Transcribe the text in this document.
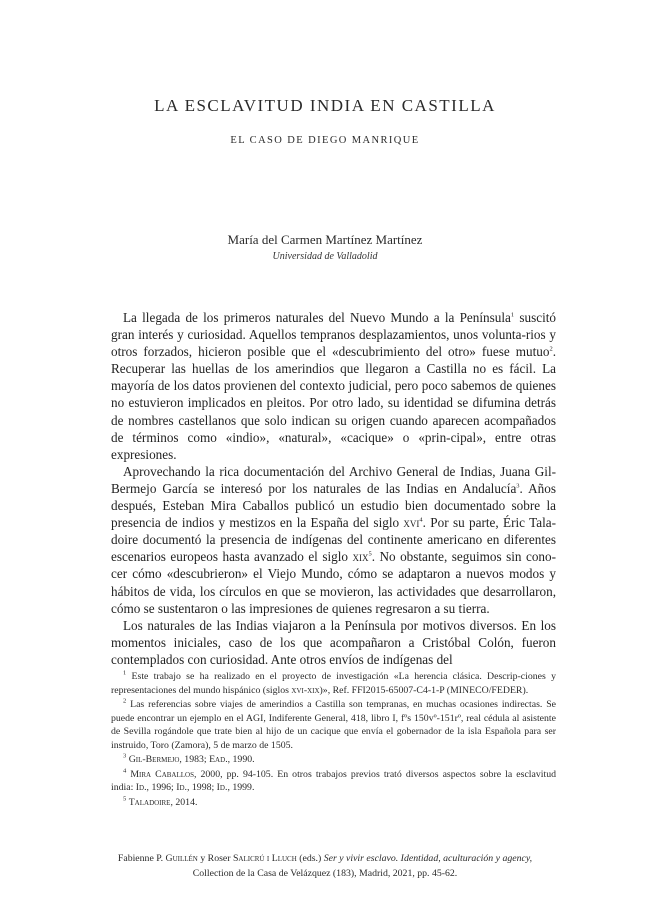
LA ESCLAVITUD INDIA EN CASTILLA
EL CASO DE DIEGO MANRIQUE
María del Carmen Martínez Martínez
Universidad de Valladolid

La llegada de los primeros naturales del Nuevo Mundo a la Península$^1$ suscitó gran interés y curiosidad. Aquellos tempranos desplazamientos, unos volunta-rios y otros forzados, hicieron posible que el «descubrimiento del otro» fuese mutuo$^2$. Recuperar las huellas de los amerindios que llegaron a Castilla no es fácil. La mayoría de los datos provienen del contexto judicial, pero poco sabemos de quienes no estuvieron implicados en pleitos. Por otro lado, su identidad se difumina detrás de nombres castellanos que solo indican su origen cuando aparecen acompañados de términos como «indio», «natural», «cacique» o «prin-cipal», entre otras expresiones.

Aprovechando la rica documentación del Archivo General de Indias, Juana Gil-Bermejo García se interesó por los naturales de las Indias en Andalucía$^3$. Años después, Esteban Mira Caballos publicó un estudio bien documentado sobre la presencia de indios y mestizos en la España del siglo xvi$^4$. Por su parte, Éric Tala-doire documentó la presencia de indígenas del continente americano en diferentes escenarios europeos hasta avanzado el siglo xix$^5$. No obstante, seguimos sin cono-cer cómo «descubrieron» el Viejo Mundo, cómo se adaptaron a nuevos modos y hábitos de vida, los círculos en que se movieron, las actividades que desarrollaron, cómo se sustentaron o las impresiones de quienes regresaron a su tierra.

Los naturales de las Indias viajaron a la Península por motivos diversos. En los momentos iniciales, caso de los que acompañaron a Cristóbal Colón, fueron contemplados con curiosidad. Ante otros envíos de indígenas del

$^1$ Este trabajo se ha realizado en el proyecto de investigación «La herencia clásica. Descrip-ciones y representaciones del mundo hispánico (siglos xvi-xix)», Ref. FFI2015-65007-C4-1-P (MINECO/FEDER).

$^2$ Las referencias sobre viajes de amerindios a Castilla son tempranas, en muchas ocasiones indirectas. Se puede encontrar un ejemplo en el AGI, Indiferente General, 418, libro I, fºs 150vº-151rº, real cédula al asistente de Sevilla rogándole que trate bien al hijo de un cacique que envía el gobernador de la isla Española para ser instruido, Toro (Zamora), 5 de marzo de 1505.

$^3$ Gil-Bermejo, 1983; Ead., 1990.

$^4$ Mira Caballos, 2000, pp. 94-105. En otros trabajos previos trató diversos aspectos sobre la esclavitud india: Id., 1996; Id., 1998; Id., 1999.

$^5$ Taladoire, 2014.

Fabienne P. Guillén y Roser Salicrú i Lluch (eds.) Ser y vivir esclavo. Identidad, aculturación y agency,
Collection de la Casa de Velázquez (183), Madrid, 2021, pp. 45-62.
